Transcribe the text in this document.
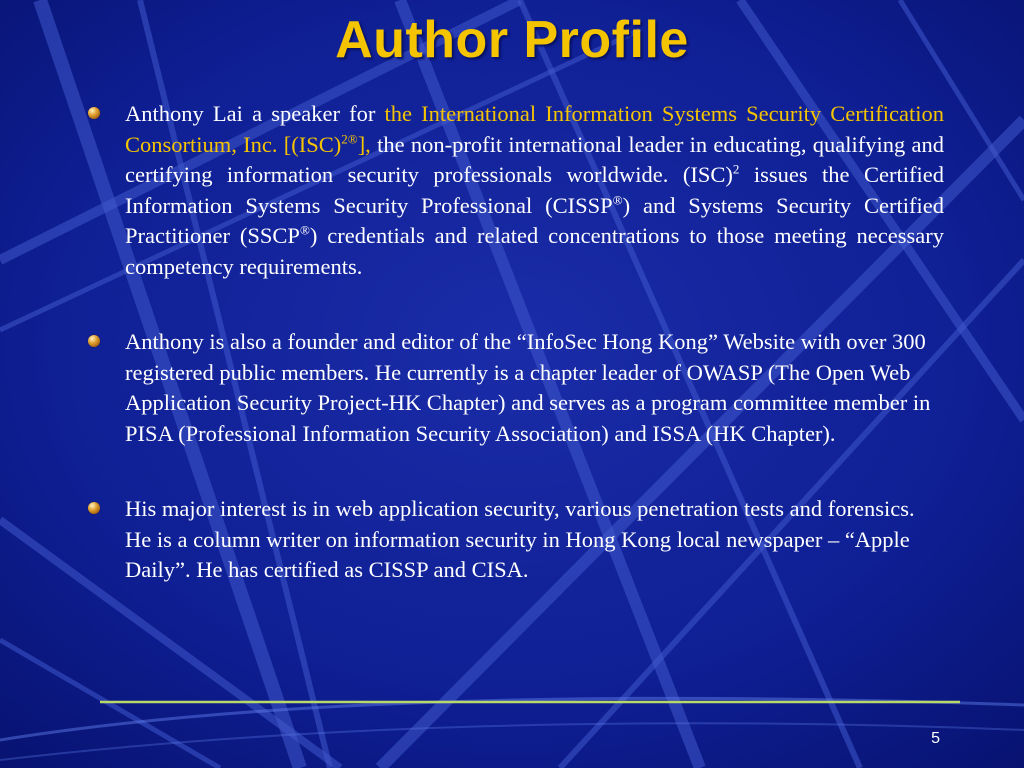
Author Profile
Anthony Lai a speaker for the International Information Systems Security Certification Consortium, Inc. [(ISC)$^{2®}$], the non-profit international leader in educating, qualifying and certifying information security professionals worldwide. (ISC)$^2$ issues the Certified Information Systems Security Professional (CISSP®) and Systems Security Certified Practitioner (SSCP®) credentials and related concentrations to those meeting necessary competency requirements.
Anthony is also a founder and editor of the “InfoSec Hong Kong” Website with over 300 registered public members. He currently is a chapter leader of OWASP (The Open Web Application Security Project-HK Chapter) and serves as a program committee member in PISA (Professional Information Security Association) and ISSA (HK Chapter).
His major interest is in web application security, various penetration tests and forensics. He is a column writer on information security in Hong Kong local newspaper – “Apple Daily”. He has certified as CISSP and CISA.
5
